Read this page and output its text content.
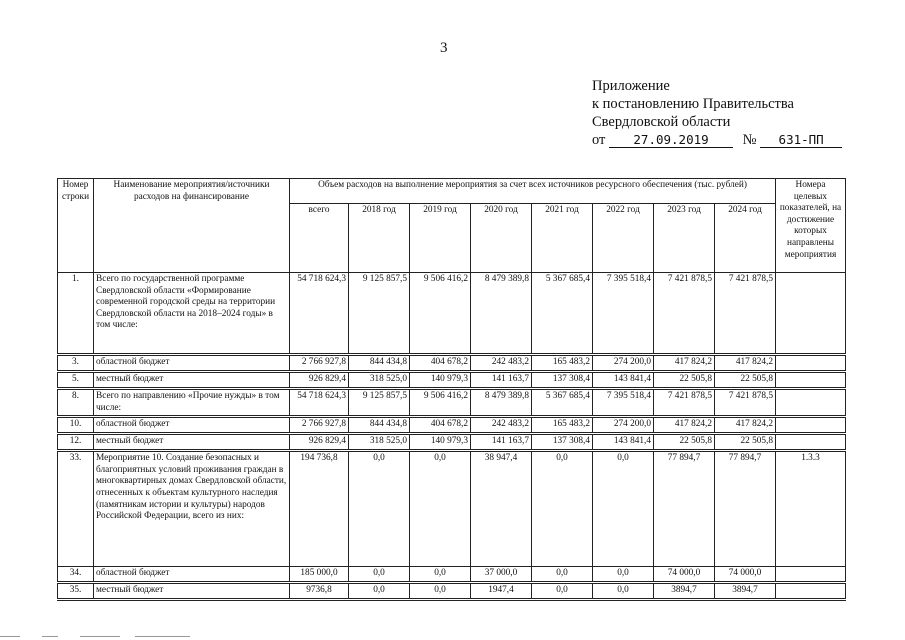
3
Приложение
к постановлению Правительства
Свердловской области
от 27.09.2019 № 631-ПП
Номер строки	Наименование мероприятия/источники расходов на финансирование	Объем расходов на выполнение мероприятия за счет всех источников ресурсного обеспечения (тыс. рублей)								Номера целевых показателей, на достижение которых направлены мероприятия
		всего	2018 год	2019 год	2020 год	2021 год	2022 год	2023 год	2024 год	
1.	Всего по государственной программе Свердловской области «Формирование современной городской среды на территории Свердловской области на 2018–2024 годы» в том числе:	54 718 624,3	9 125 857,5	9 506 416,2	8 479 389,8	5 367 685,4	7 395 518,4	7 421 878,5	7 421 878,5	
3.	областной бюджет	2 766 927,8	844 434,8	404 678,2	242 483,2	165 483,2	274 200,0	417 824,2	417 824,2	
5.	местный бюджет	926 829,4	318 525,0	140 979,3	141 163,7	137 308,4	143 841,4	22 505,8	22 505,8	
8.	Всего по направлению «Прочие нужды» в том числе:	54 718 624,3	9 125 857,5	9 506 416,2	8 479 389,8	5 367 685,4	7 395 518,4	7 421 878,5	7 421 878,5	
10.	областной бюджет	2 766 927,8	844 434,8	404 678,2	242 483,2	165 483,2	274 200,0	417 824,2	417 824,2	
12.	местный бюджет	926 829,4	318 525,0	140 979,3	141 163,7	137 308,4	143 841,4	22 505,8	22 505,8	
33.	Мероприятие 10. Создание безопасных и благоприятных условий проживания граждан в многоквартирных домах Свердловской области, отнесенных к объектам культурного наследия (памятникам истории и культуры) народов Российской Федерации, всего из них:	194 736,8	0,0	0,0	38 947,4	0,0	0,0	77 894,7	77 894,7	1.3.3
34.	областной бюджет	185 000,0	0,0	0,0	37 000,0	0,0	0,0	74 000,0	74 000,0	
35.	местный бюджет	9736,8	0,0	0,0	1947,4	0,0	0,0	3894,7	3894,7	
